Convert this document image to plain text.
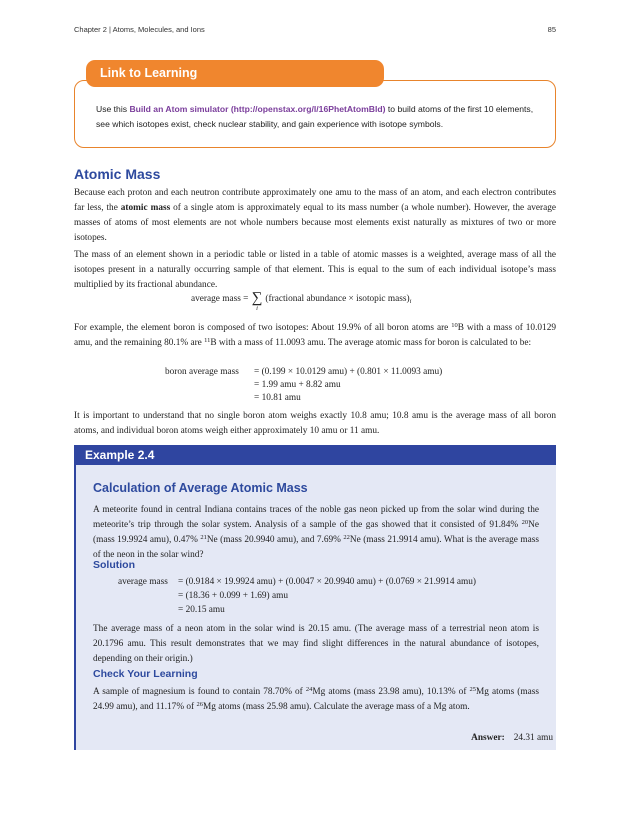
Chapter 2 | Atoms, Molecules, and Ions	85
Link to Learning
Use this Build an Atom simulator (http://openstax.org/l/16PhetAtomBld) to build atoms of the first 10 elements, see which isotopes exist, check nuclear stability, and gain experience with isotope symbols.
Atomic Mass
Because each proton and each neutron contribute approximately one amu to the mass of an atom, and each electron contributes far less, the atomic mass of a single atom is approximately equal to its mass number (a whole number). However, the average masses of atoms of most elements are not whole numbers because most elements exist naturally as mixtures of two or more isotopes.
The mass of an element shown in a periodic table or listed in a table of atomic masses is a weighted, average mass of all the isotopes present in a naturally occurring sample of that element. This is equal to the sum of each individual isotope’s mass multiplied by its fractional abundance.
average mass = ∑
i(fractional abundance × isotopic $mass)_i$
For example, the element boron is composed of two isotopes: About 19.9% of all boron atoms are $^{10}$B with a mass of 10.0129 amu, and the remaining 80.1% are $^{11}$B with a mass of 11.0093 amu. The average atomic mass for boron is calculated to be:
boron average mass = (0.199 × 10.0129 amu) + (0.801 × 11.0093 amu)
= 1.99 amu + 8.82 amu
= 10.81 amu
It is important to understand that no single boron atom weighs exactly 10.8 amu; 10.8 amu is the average mass of all boron atoms, and individual boron atoms weigh either approximately 10 amu or 11 amu.
Example 2.4
Calculation of Average Atomic Mass
A meteorite found in central Indiana contains traces of the noble gas neon picked up from the solar wind during the meteorite’s trip through the solar system. Analysis of a sample of the gas showed that it consisted of 91.84% $^{20}$Ne (mass 19.9924 amu), 0.47% $^{21}$Ne (mass 20.9940 amu), and 7.69% $^{22}$Ne (mass 21.9914 amu). What is the average mass of the neon in the solar wind?
Solution
average mass = (0.9184 × 19.9924 amu) + (0.0047 × 20.9940 amu) + (0.0769 × 21.9914 amu)
= (18.36 + 0.099 + 1.69) amu
= 20.15 amu
The average mass of a neon atom in the solar wind is 20.15 amu. (The average mass of a terrestrial neon atom is 20.1796 amu. This result demonstrates that we may find slight differences in the natural abundance of isotopes, depending on their origin.)
Check Your Learning
A sample of magnesium is found to contain 78.70% of $^{24}$Mg atoms (mass 23.98 amu), 10.13% of $^{25}$Mg atoms (mass 24.99 amu), and 11.17% of $^{26}$Mg atoms (mass 25.98 amu). Calculate the average mass of a Mg atom.
Answer: 24.31 amu
